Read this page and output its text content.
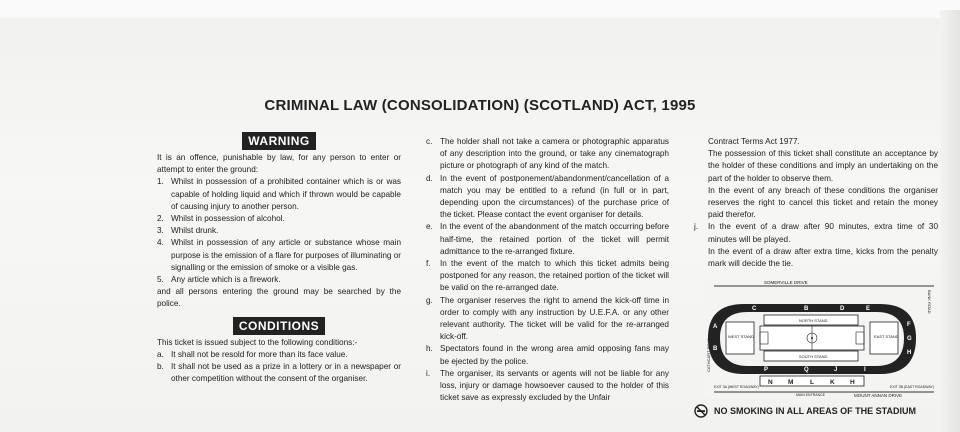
CRIMINAL LAW (CONSOLIDATION) (SCOTLAND) ACT, 1995
WARNING

It is an offence, punishable by law, for any person to enter or attempt to enter the ground:

1. Whilst in possession of a prohibited container which is or was capable of holding liquid and which if thrown would be capable of causing injury to another person.
2. Whilst in possession of alcohol.
3. Whilst drunk.
4. Whilst in possession of any article or substance whose main purpose is the emission of a flare for purposes of illuminating or signalling or the emission of smoke or a visible gas.
5. Any article which is a firework.

and all persons entering the ground may be searched by the police.

CONDITIONS

This ticket is issued subject to the following conditions:-

a. It shall not be resold for more than its face value.
b. It shall not be used as a prize in a lottery or in a newspaper or other competition without the consent of the organiser.
c. The holder shall not take a camera or photographic apparatus of any description into the ground, or take any cinematograph picture or photograph of any kind of the match.
d. In the event of postponement/abandonment/cancellation of a match you may be entitled to a refund (in full or in part, depending upon the circumstances) of the purchase price of the ticket. Please contact the event organiser for details.
e. In the event of the abandonment of the match occurring before half-time, the retained portion of the ticket will permit admittance to the re-arranged fixture.
f.	In the event of the match to which this ticket admits being postponed for any reason, the retained portion of the ticket will be valid on the re-arranged date.
g. The organiser reserves the right to amend the kick-off time in order to comply with any instruction by U.E.F.A. or any other relevant authority. The ticket will be valid for the re-arranged kick-off.
h. Spectators found in the wrong area amid opposing fans may be ejected by the police.
i.	The organiser, its servants or agents will not be liable for any loss, injury or damage howsoever caused to the holder of this ticket save as expressly excluded by the Unfair

Contract Terms Act 1977.

The possession of this ticket shall constitute an acceptance by the holder of these conditions and imply an undertaking on the part of the holder to observe them.

In the event of any breach of these conditions the organiser reserves the right to cancel this ticket and retain the money paid therefor.

j.	In the event of a draw after 90 minutes, extra time of 30 minutes will be played.

In the event of a draw after extra time, kicks from the penalty mark will decide the tie.

SOMERVILLE DRIVE
NORTH STAND
SOUTH STAND
WEST STAND	EAST STAND
C	B	D	E
A
B
F
G
H
P	Q	J	I
N M	L K H
MOUNT ANNAN DRIVE
MAIN ENTRANCE
EXIT 3A (WEST ROADWAY)	EXIT 3B (EAST ROADWAY)
CATHCART ROAD
BANK ROAD
NO SMOKING IN ALL AREAS OF THE STADIUM
